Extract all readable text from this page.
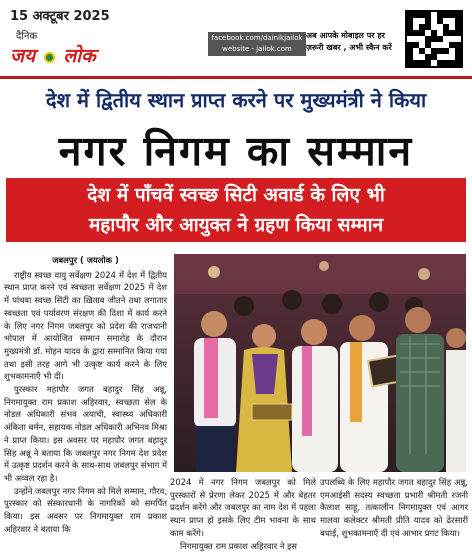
15 अक्टूबर 2025
दैनिक
जय लोक
facebook.com/dainikjailok
website - jailok.com
अब आपके मोबाइल पर हर
ज़रूरी खबर , अभी स्कैन करें
देश में द्वितीय स्थान प्राप्त करने पर मुख्यमंत्री ने किया
नगर निगम का सम्मान
देश में पाँचवें स्वच्छ सिटी अवार्ड के लिए भी
महापौर और आयुक्त ने ग्रहण किया सम्मान
जबलपुर ( जयलोक )

राष्ट्रीय स्वच्छ वायु सर्वेक्षण 2024 में देश में द्वितीय स्थान प्राप्त करने एवं स्वच्छता सर्वेक्षण 2025 में देश में पांचवा स्वच्छ सिटी का ख़िताब जीतने तथा लगातार स्वच्छता एवं पर्यावरण संरक्षण की दिशा में कार्य करने के लिए नगर निगम जबलपुर को प्रदेश की राजधानी भोपाल में आयोजित सम्मान समारोह के दौरान मुख्यमंत्री डॉ. मोहन यादव के द्वारा सम्मानित किया गया तथा इसी तरह आगे भी उत्कृष्ट कार्य करने के लिए शुभकामनाएँ भी दीं।

पुरस्कार महापौर जगत बहादुर सिंह अन्नू, निगमायुक्त राम प्रकाश अहिरवार, स्वच्छता सेल के नोडल अधिकारी संभव अयाची, स्वास्थ्य अधिकारी अंकिता बर्मन, सहायक नोडल अधिकारी अभिनव मिश्रा ने प्राप्त किया। इस अवसर पर महापौर जगत बहादुर सिंह अन्नू ने बताया कि जबलपुर नगर निगम देश प्रदेश में उत्कृष्ट प्रदर्शन करने के साथ-साथ जबलपुर संभाग में भी अव्वल रहा है।

उन्होंने जबलपुर नगर निगम को मिले सम्मान, गौरव, पुरस्कार को संस्कारधानी के नागरिकों को समर्पित किया। इस अवसर पर निगमायुक्त राम प्रकाश अहिरवार ने बताया कि

2024 में नगर निगम जबलपुर को मिले पुरस्कारों से प्रेरणा लेकर 2025 में और बेहतर प्रदर्शन करेंगे और जबलपुर का नाम देश में पहला स्थान प्राप्त हो इसके लिए टीम भावना के साथ काम करेंगे।

निगमायुक्त राम प्रकाश अहिरवार ने इस

उपलब्धि के लिए महापौर जगत बहादुर सिंह अन्नू, एमआईसी सदस्य स्वच्छता प्रभारी श्रीमती रजनी कैलाश साहू, तत्कालीन निगमायुक्त एवं आगर मालवा कलेक्टर श्रीमती प्रीति यादव को ढेरसारी बधाई, शुभकामनाएँ दीं एवं आभार प्रगट किया।
